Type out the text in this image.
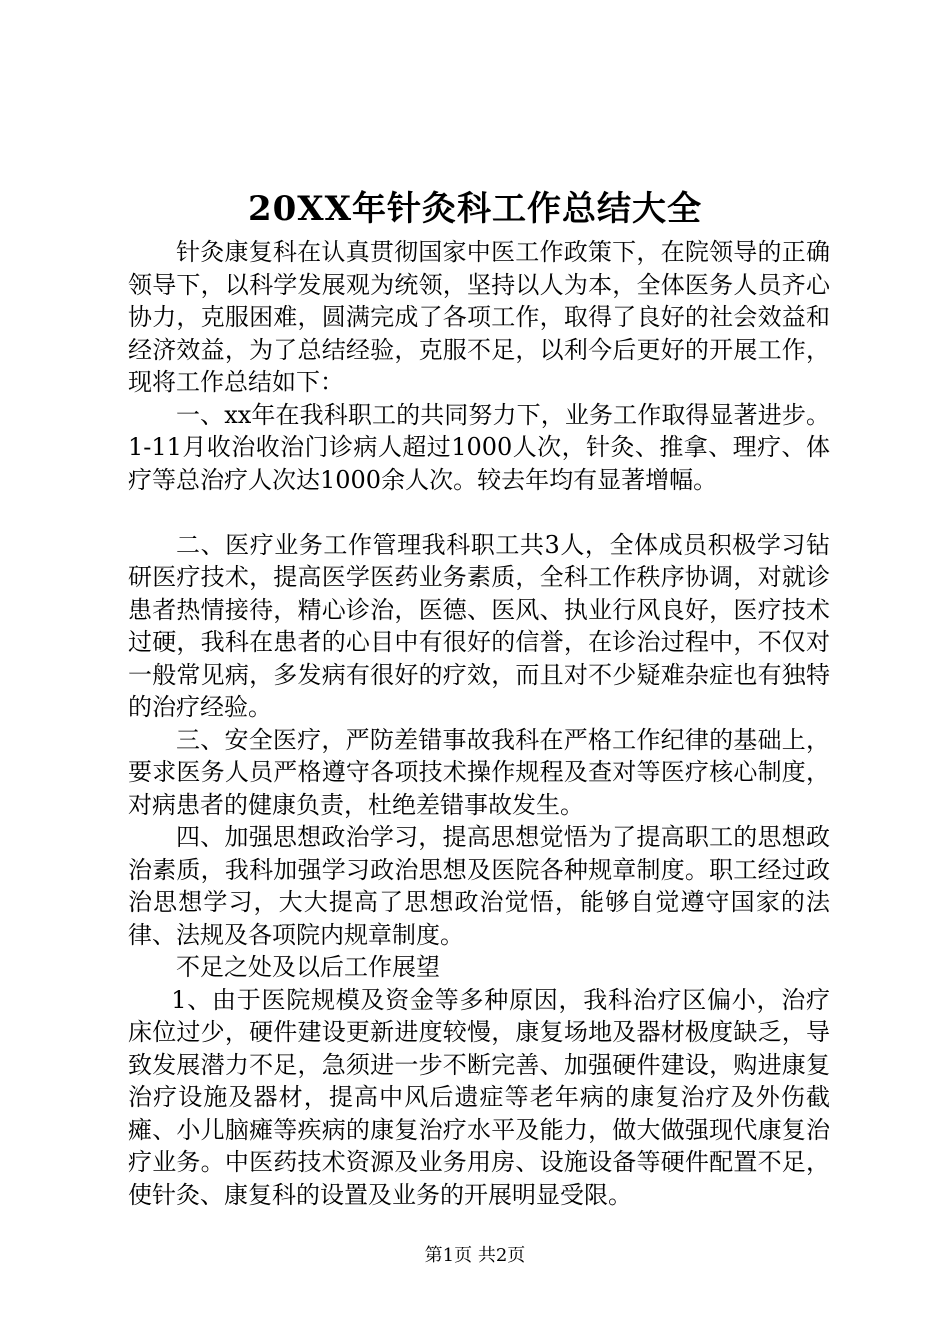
20XX年针灸科工作总结大全

针灸康复科在认真贯彻国家中医工作政策下，在院领导的正确领导下，以科学发展观为统领，坚持以人为本，全体医务人员齐心协力，克服困难，圆满完成了各项工作，取得了良好的社会效益和经济效益，为了总结经验，克服不足，以利今后更好的开展工作，现将工作总结如下：

一、xx年在我科职工的共同努力下，业务工作取得显著进步。1-11月收治收治门诊病人超过1000人次，针灸、推拿、理疗、体疗等总治疗人次达1000余人次。较去年均有显著增幅。

二、医疗业务工作管理我科职工共3人，全体成员积极学习钻研医疗技术，提高医学医药业务素质，全科工作秩序协调，对就诊患者热情接待，精心诊治，医德、医风、执业行风良好，医疗技术过硬，我科在患者的心目中有很好的信誉，在诊治过程中，不仅对一般常见病，多发病有很好的疗效，而且对不少疑难杂症也有独特的治疗经验。

三、安全医疗，严防差错事故我科在严格工作纪律的基础上，要求医务人员严格遵守各项技术操作规程及查对等医疗核心制度，对病患者的健康负责，杜绝差错事故发生。

四、加强思想政治学习，提高思想觉悟为了提高职工的思想政治素质，我科加强学习政治思想及医院各种规章制度。职工经过政治思想学习，大大提高了思想政治觉悟，能够自觉遵守国家的法律、法规及各项院内规章制度。

不足之处及以后工作展望

1、由于医院规模及资金等多种原因，我科治疗区偏小，治疗床位过少，硬件建设更新进度较慢，康复场地及器材极度缺乏，导致发展潜力不足，急须进一步不断完善、加强硬件建设，购进康复治疗设施及器材，提高中风后遗症等老年病的康复治疗及外伤截瘫、小儿脑瘫等疾病的康复治疗水平及能力，做大做强现代康复治疗业务。中医药技术资源及业务用房、设施设备等硬件配置不足，使针灸、康复科的设置及业务的开展明显受限。

第1页 共2页
